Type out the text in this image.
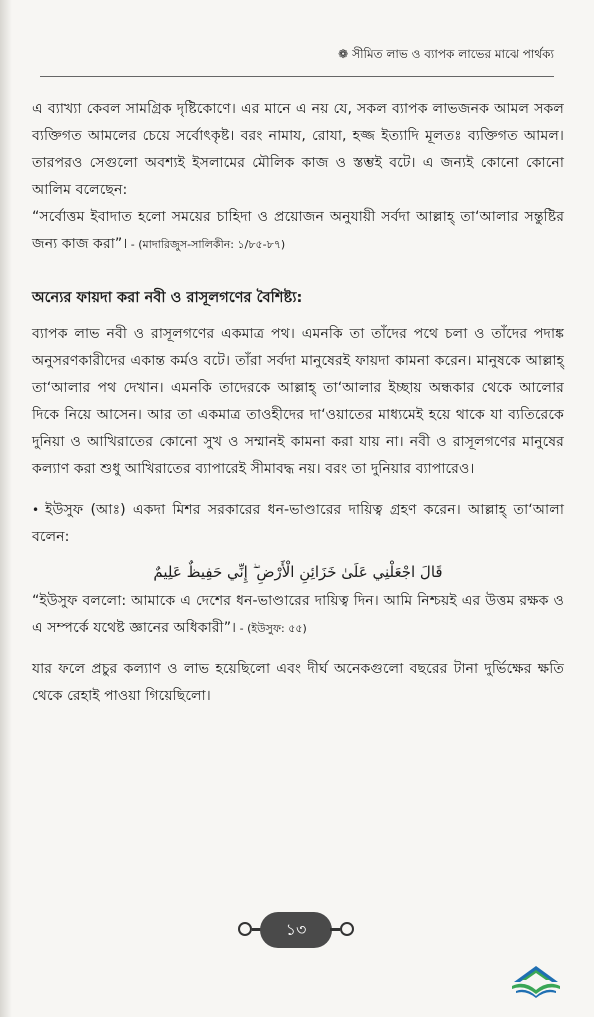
❁ সীমিত লাভ ও ব্যাপক লাভের মাঝে পার্থক্য

এ ব্যাখ্যা কেবল সামগ্রিক দৃষ্টিকোণে। এর মানে এ নয় যে, সকল ব্যাপক লাভজনক আমল সকল ব্যক্তিগত আমলের চেয়ে সর্বোৎকৃষ্ট। বরং নামায, রোযা, হজ্জ ইত্যাদি মূলতঃ ব্যক্তিগত আমল। তারপরও সেগুলো অবশ্যই ইসলামের মৌলিক কাজ ও স্তম্ভই বটে। এ জন্যই কোনো কোনো আলিম বলেছেন:

“সর্বোত্তম ইবাদাত হলো সময়ের চাহিদা ও প্রয়োজন অনুযায়ী সর্বদা আল্লাহ্ তা‘আলার সন্তুষ্টির জন্য কাজ করা”। - (মাদারিজুস-সালিকীন: ১/৮৫-৮৭)

অন্যের ফায়দা করা নবী ও রাসূলগণের বৈশিষ্ট্য:

ব্যাপক লাভ নবী ও রাসূলগণের একমাত্র পথ। এমনকি তা তাঁদের পথে চলা ও তাঁদের পদাঙ্ক অনুসরণকারীদের একান্ত কর্মও বটে। তাঁরা সর্বদা মানুষেরই ফায়দা কামনা করেন। মানুষকে আল্লাহ্ তা‘আলার পথ দেখান। এমনকি তাদেরকে আল্লাহ্ তা‘আলার ইচ্ছায় অন্ধকার থেকে আলোর দিকে নিয়ে আসেন। আর তা একমাত্র তাওহীদের দা‘ওয়াতের মাধ্যমেই হয়ে থাকে যা ব্যতিরেকে দুনিয়া ও আখিরাতের কোনো সুখ ও সম্মানই কামনা করা যায় না। নবী ও রাসূলগণের মানুষের কল্যাণ করা শুধু আখিরাতের ব্যাপারেই সীমাবদ্ধ নয়। বরং তা দুনিয়ার ব্যাপারেও।

• ইউসুফ (আঃ) একদা মিশর সরকারের ধন-ভাণ্ডারের দায়িত্ব গ্রহণ করেন। আল্লাহ্ তা‘আলা বলেন:

قَالَ اجْعَلْنِي عَلَىٰ خَزَائِنِ الْأَرْضِ ۖ إِنِّي حَفِيظٌ عَلِيمٌ

“ইউসুফ বললো: আমাকে এ দেশের ধন-ভাণ্ডারের দায়িত্ব দিন। আমি নিশ্চয়ই এর উত্তম রক্ষক ও এ সম্পর্কে যথেষ্ট জ্ঞানের অধিকারী”। - (ইউসুফ: ৫৫)

যার ফলে প্রচুর কল্যাণ ও লাভ হয়েছিলো এবং দীর্ঘ অনেকগুলো বছরের টানা দুর্ভিক্ষের ক্ষতি থেকে রেহাই পাওয়া গিয়েছিলো।

১৩
